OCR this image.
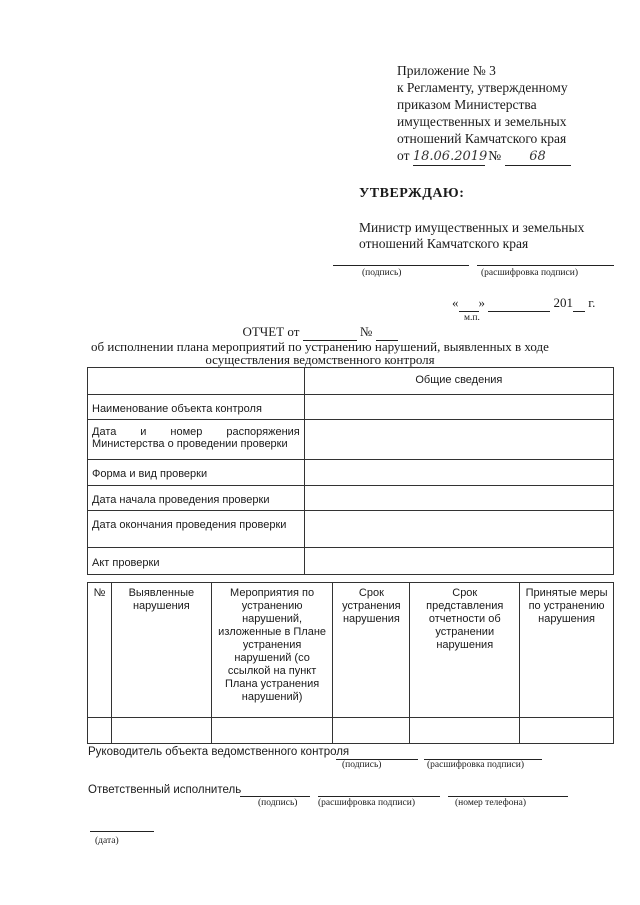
Приложение № 3
к Регламенту, утвержденному
приказом Министерства
имущественных и земельных
отношений Камчатского края
от 18.06.2019 № 68
УТВЕРЖДАЮ:
Министр имущественных и земельных
отношений Камчатского края
(подпись)	(расшифровка подписи)
« »	201 г.
м.п.
ОТЧЕТ от	№
об исполнении плана мероприятий по устранению нарушений, выявленных в ходе
осуществления ведомственного контроля
	Общие сведения
Наименование объекта контроля	

Дата и номер распоряжения
Министерства о проведении проверки	

Форма и вид проверки	
Дата начала проведения проверки	
Дата окончания проведения проверки	
Акт проверки	
№	Выявленные нарушения	Мероприятия по устранению нарушений, изложенные в Плане устранения нарушений (со ссылкой на пункт Плана устранения нарушений)	Срок устранения нарушения	Срок представления отчетности об устранении нарушения	Принятые меры по устранению нарушения

Руководитель объекта ведомственного контроля
(подпись)	(расшифровка подписи)
Ответственный исполнитель
(подпись) (расшифровка подписи)	(номер телефона)
(дата)
